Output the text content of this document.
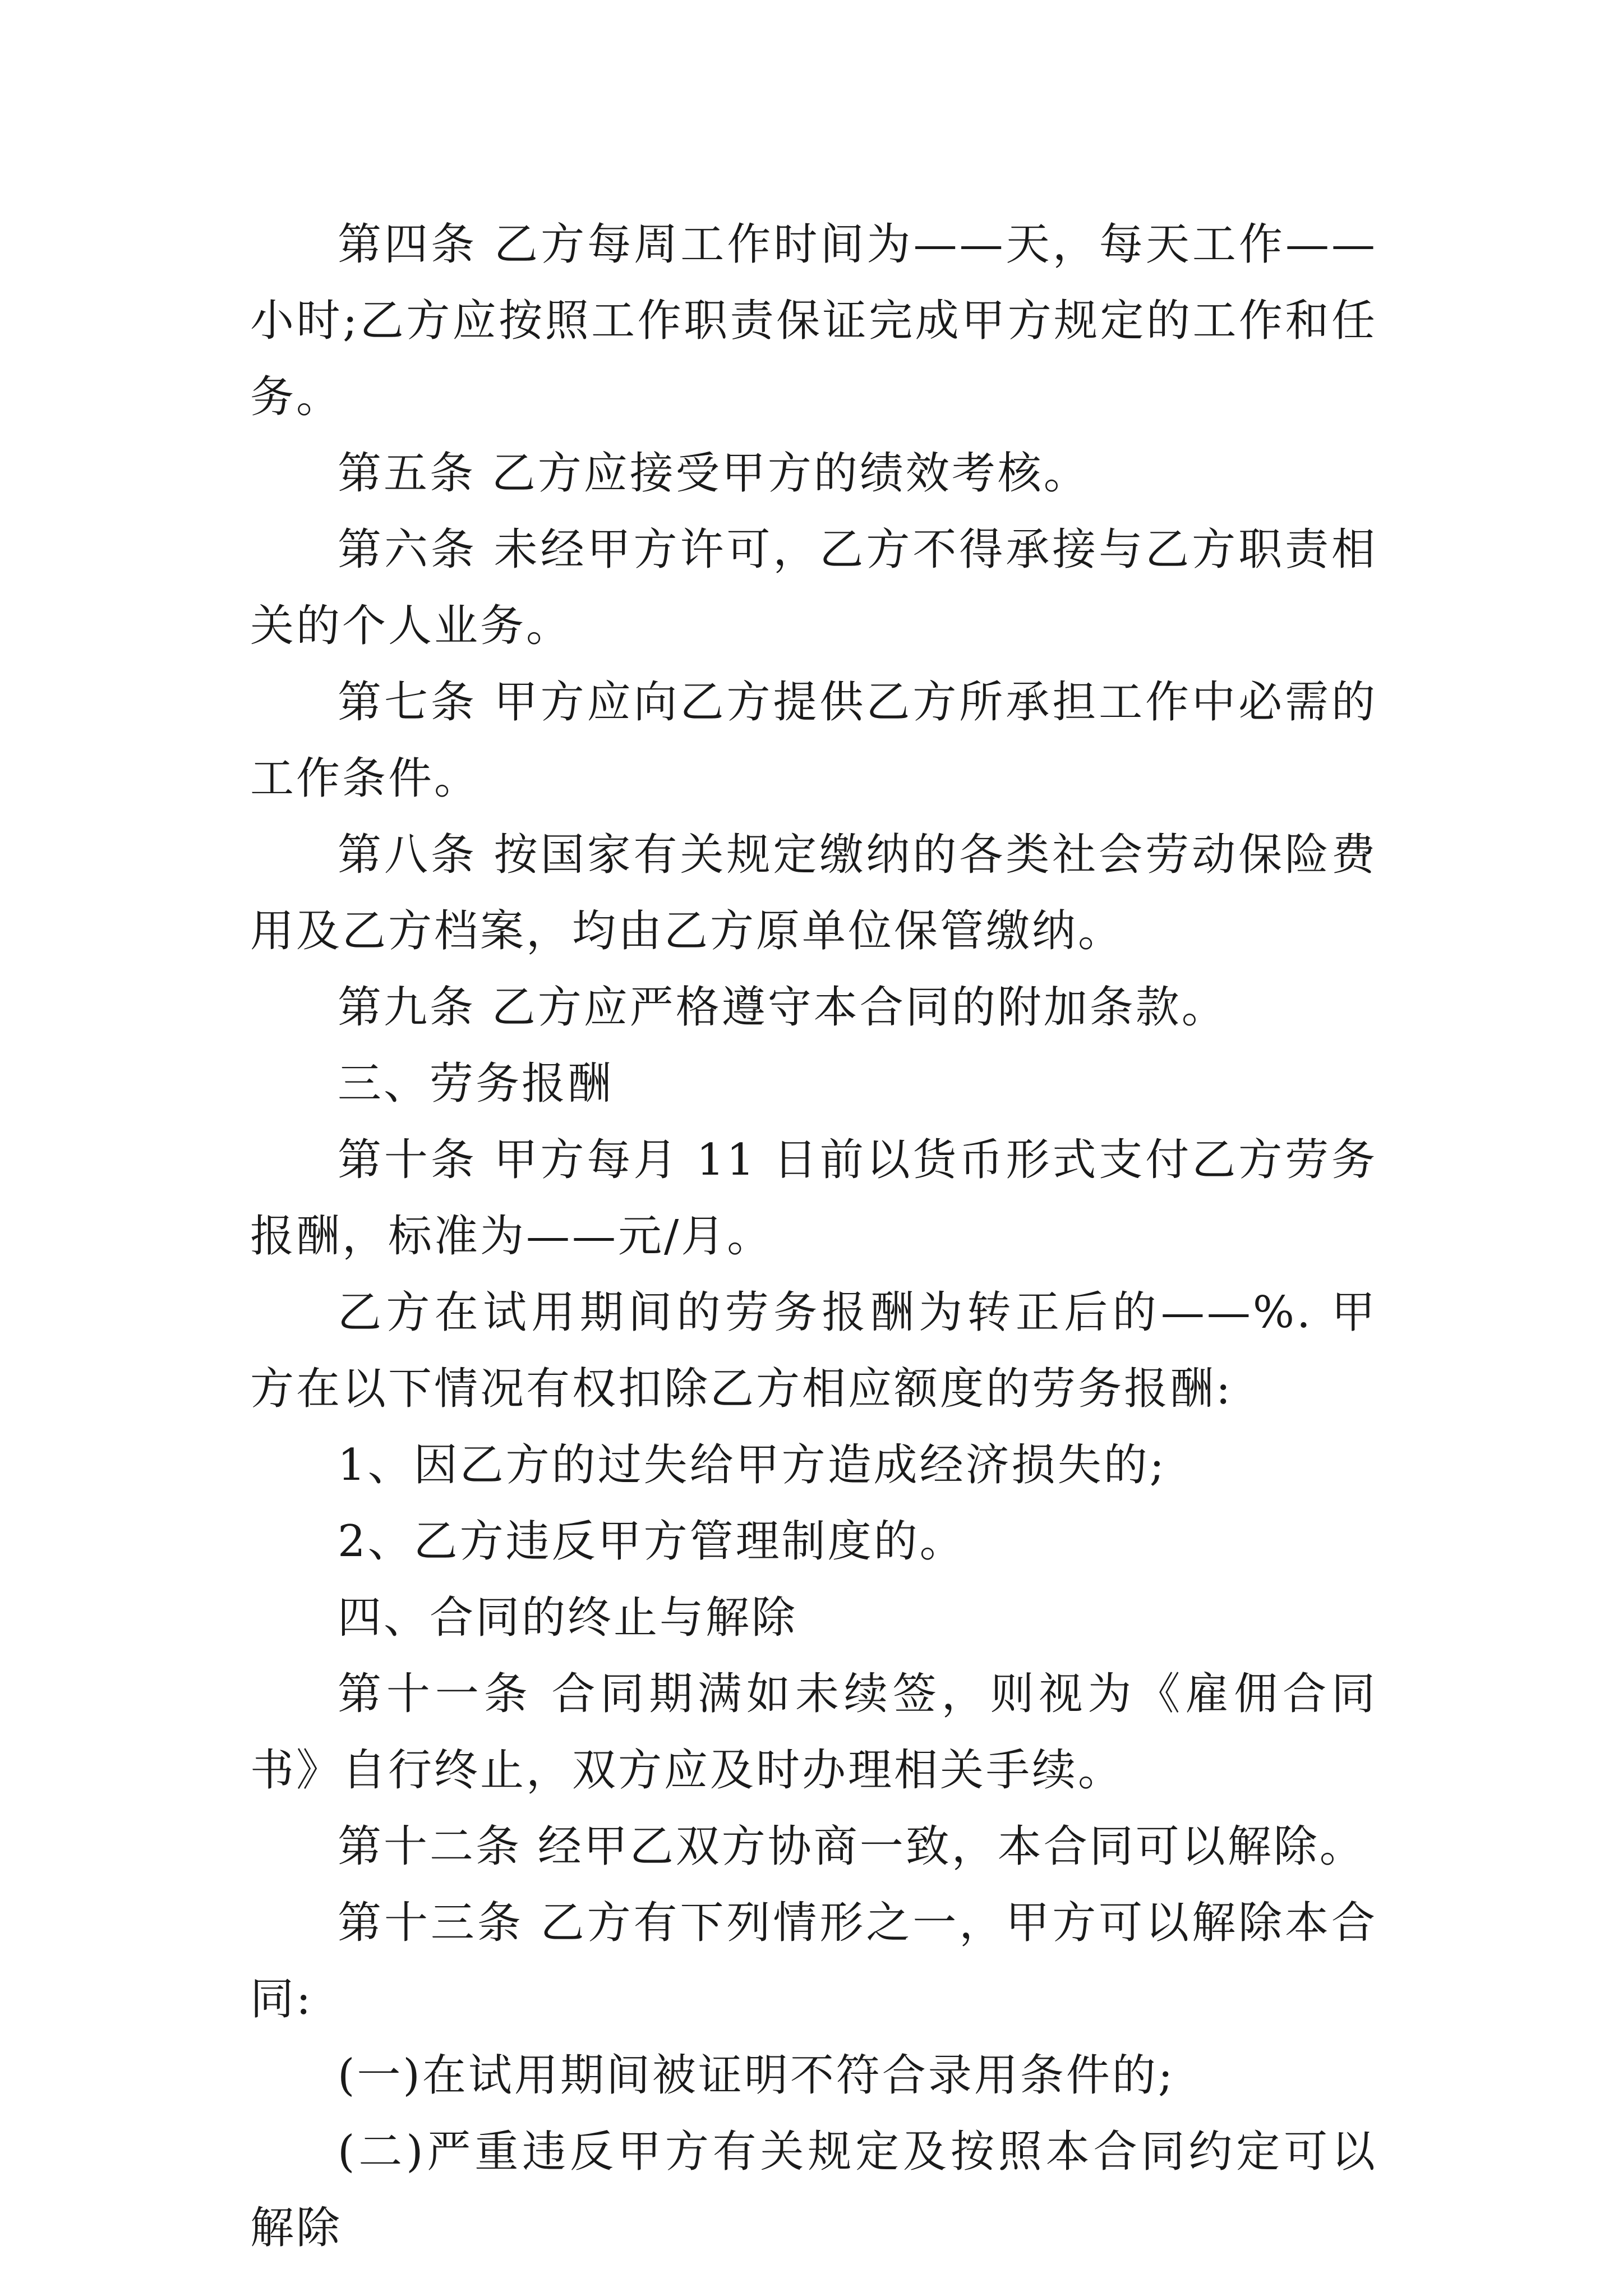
第四条 乙方每周工作时间为——天，每天工作——小时;乙方应按照工作职责保证完成甲方规定的工作和任务。

第五条 乙方应接受甲方的绩效考核。

第六条 未经甲方许可，乙方不得承接与乙方职责相关的个人业务。

第七条 甲方应向乙方提供乙方所承担工作中必需的工作条件。

第八条 按国家有关规定缴纳的各类社会劳动保险费用及乙方档案，均由乙方原单位保管缴纳。

第九条 乙方应严格遵守本合同的附加条款。

三、劳务报酬

第十条 甲方每月 11 日前以货币形式支付乙方劳务报酬，标准为——元/月。

乙方在试用期间的劳务报酬为转正后的——%. 甲方在以下情况有权扣除乙方相应额度的劳务报酬:

1、因乙方的过失给甲方造成经济损失的;

2、乙方违反甲方管理制度的。

四、合同的终止与解除

第十一条 合同期满如未续签，则视为《雇佣合同书》自行终止，双方应及时办理相关手续。

第十二条 经甲乙双方协商一致，本合同可以解除。

第十三条 乙方有下列情形之一，甲方可以解除本合同:

(一)在试用期间被证明不符合录用条件的;

(二)严重违反甲方有关规定及按照本合同约定可以解除
